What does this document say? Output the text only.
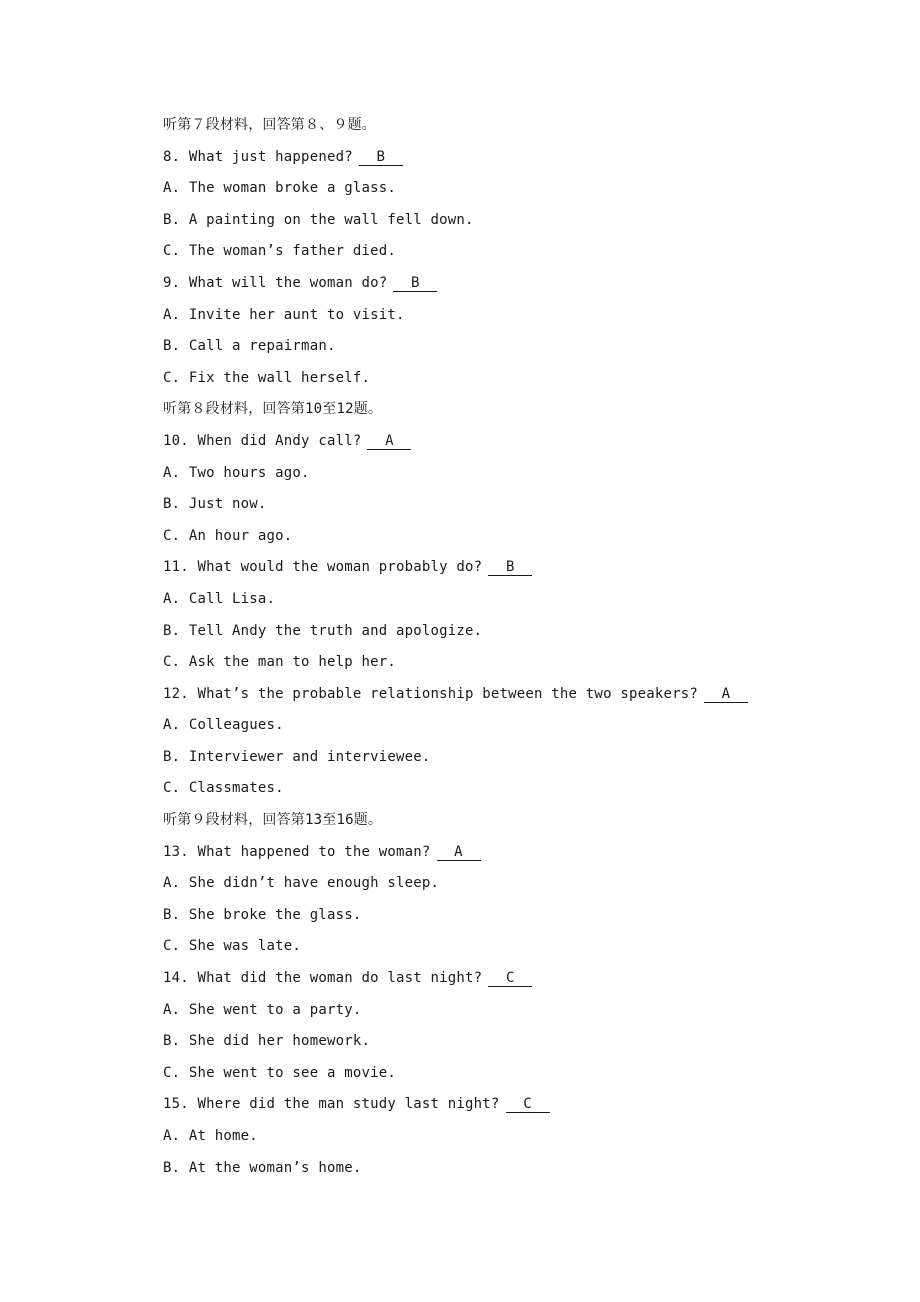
听第７段材料，回答第８、９题。
8. What just happened? B
A. The woman broke a glass.
B. A painting on the wall fell down.
C. The woman’s father died.
9. What will the woman do? B
A. Invite her aunt to visit.
B. Call a repairman.
C. Fix the wall herself.
听第８段材料，回答第10至12题。
10. When did Andy call? A
A. Two hours ago.
B. Just now.
C. An hour ago.
11. What would the woman probably do? B
A. Call Lisa.
B. Tell Andy the truth and apologize.
C. Ask the man to help her.
12. What’s the probable relationship between the two speakers? A
A. Colleagues.
B. Interviewer and interviewee.
C. Classmates.
听第９段材料，回答第13至16题。
13. What happened to the woman? A
A. She didn’t have enough sleep.
B. She broke the glass.
C. She was late.
14. What did the woman do last night? C
A. She went to a party.
B. She did her homework.
C. She went to see a movie.
15. Where did the man study last night? C
A. At home.
B. At the woman’s home.
